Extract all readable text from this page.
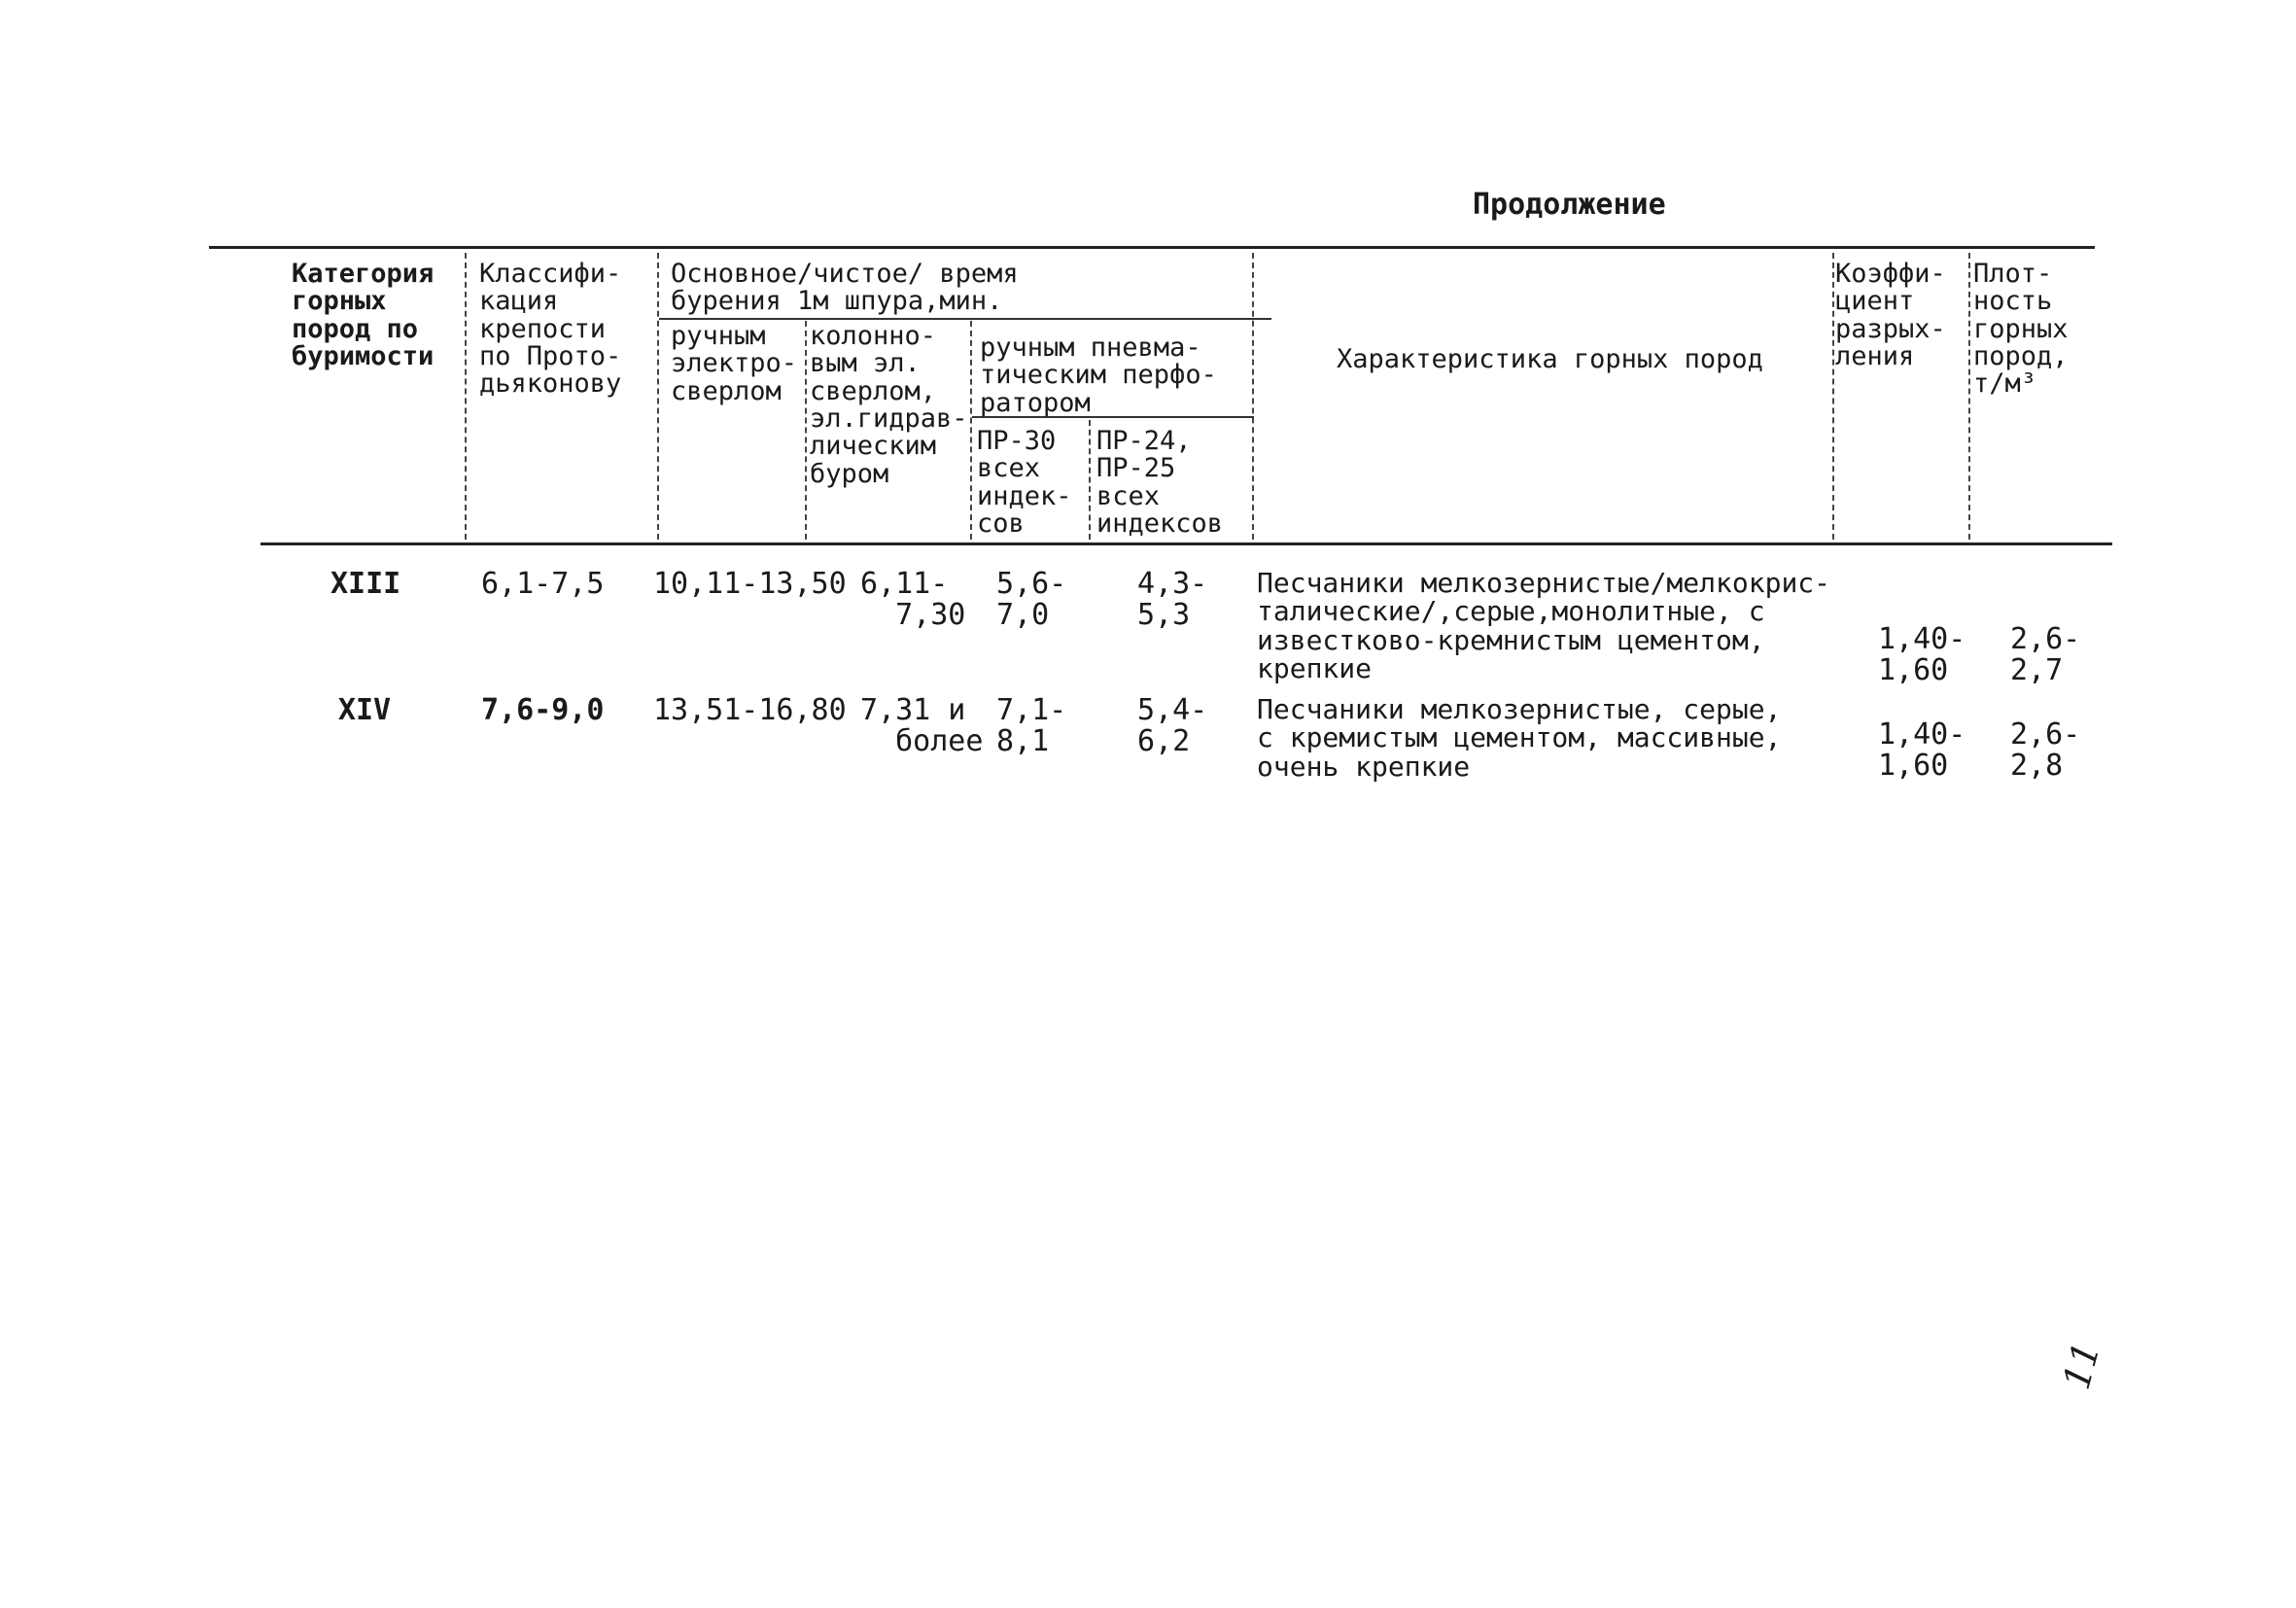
Продолжение
Категория
горных
пород по
буримости
Классифи-
кация
крепости
по Прото-
дьяконову
Основное/чистое/ время
бурения 1м шпура,мин.
ручным
электро-
сверлом
колонно-
вым эл.
сверлом,
эл.гидрав-
лическим
буром
ручным пневма-
тическим перфо-
ратором
ПР-30
всех
индек-
сов
ПР-24,
ПР-25
всех
индексов
Характеристика горных пород
Коэффи-
циент
разрых-
ления
Плот-
ность
горных
пород,
т/м³
XIII	6,1-7,5 10,11-13,50 6,11-
7,30
5,6-
7,0
4,3-
5,3
Песчаники мелкозернистые/мелкокрис-
талические/,серые,монолитные, с
известково-кремнистым цементом,
крепкие
1,40-
1,60
2,6-
2,7
XIV	7,6-9,0 13,51-16,80 7,31 и
более
7,1-
8,1
5,4-
6,2
Песчаники мелкозернистые, серые,
с кремистым цементом, массивные,
очень крепкие
1,40-
1,60
2,6-
2,8
11
